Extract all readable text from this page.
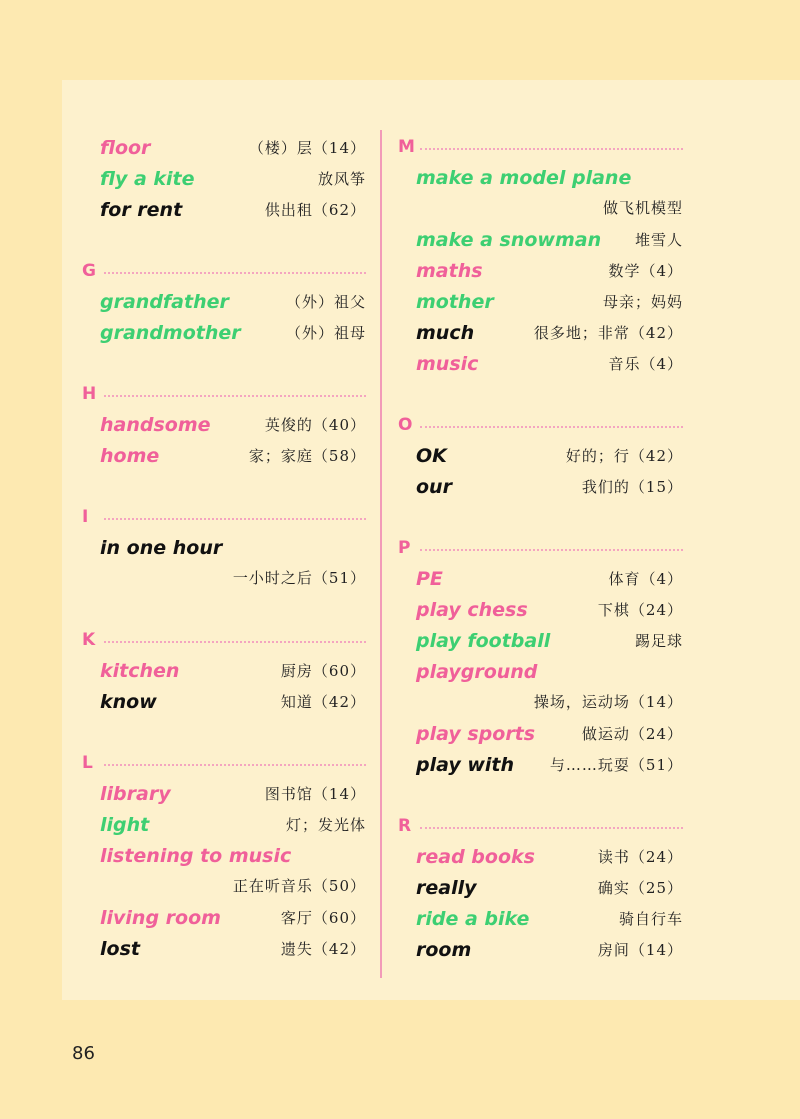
floor	（楼）层（14）
fly a kite	放风筝
for rent	供出租（62）
G
grandfather	（外）祖父
grandmother	（外）祖母
H
handsome	英俊的（40）
home	家；家庭（58）
I
in one hour
一小时之后（51）
K
kitchen	厨房（60）
know	知道（42）
L
library	图书馆（14）
light	灯；发光体
listening to music
正在听音乐（50）
living room	客厅（60）
lost	遗失（42）
M
make a model plane
做飞机模型
make a snowman 堆雪人
maths	数学（4）
mother	母亲；妈妈
much	很多地；非常（42）
music	音乐（4）
O
OK	好的；行（42）
our	我们的（15）
P
PE	体育（4）
play chess	下棋（24）
play football	踢足球
playground
操场，运动场（14）
play sports	做运动（24）
play with 与……玩耍（51）
R
read books	读书（24）
really	确实（25）
ride a bike	骑自行车
room	房间（14）
86
